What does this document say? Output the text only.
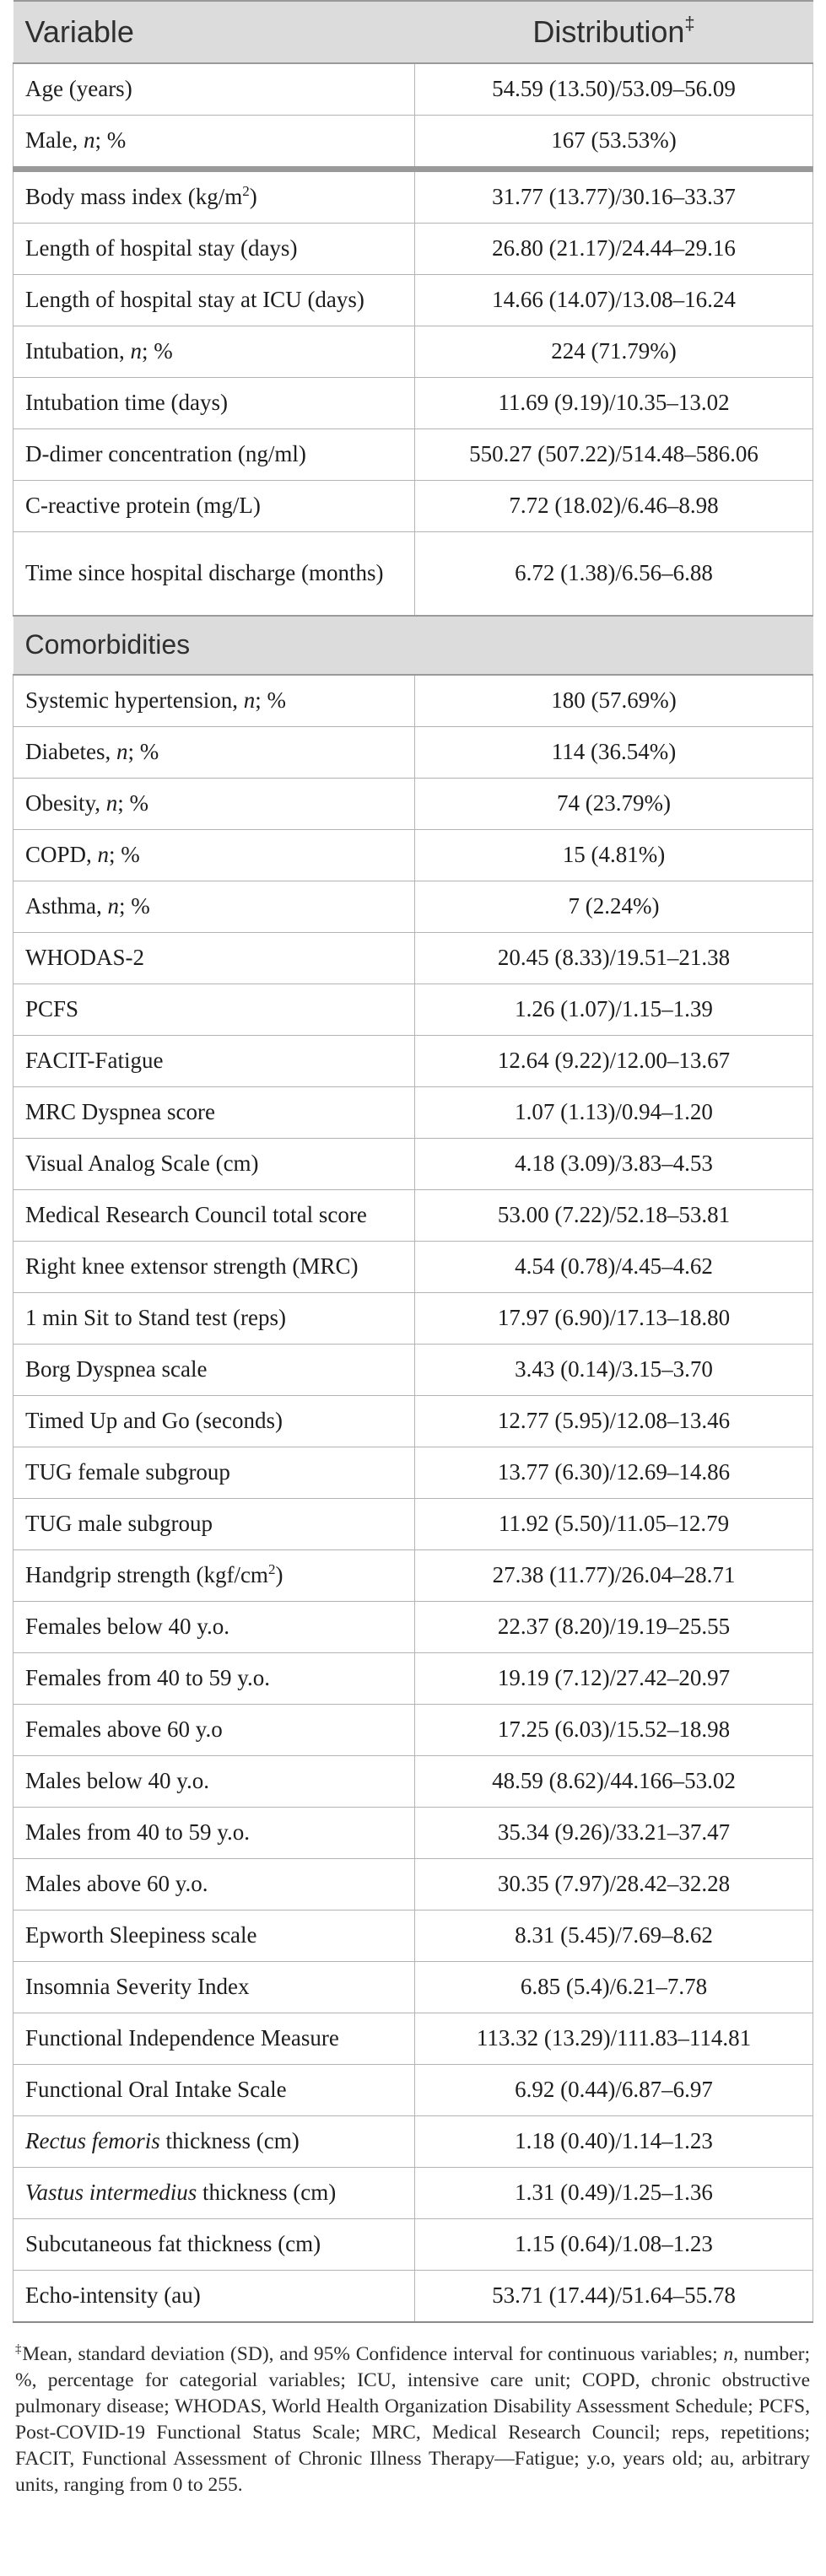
Variable	Distribution‡
Age (years)	54.59 (13.50)/53.09–56.09
Male, n; %	167 (53.53%)
Body mass index $(kg/m^2)$	31.77 (13.77)/30.16–33.37
Length of hospital stay (days)	26.80 (21.17)/24.44–29.16
Length of hospital stay at ICU (days)	14.66 (14.07)/13.08–16.24
Intubation, n; %	224 (71.79%)
Intubation time (days)	11.69 (9.19)/10.35–13.02
D-dimer concentration (ng/ml)	550.27 (507.22)/514.48–586.06
C-reactive protein (mg/L)	7.72 (18.02)/6.46–8.98
Time since hospital discharge (months)	6.72 (1.38)/6.56–6.88
Comorbidities	
Systemic hypertension, n; %	180 (57.69%)
Diabetes, n; %	114 (36.54%)
Obesity, n; %	74 (23.79%)
COPD, n; %	15 (4.81%)
Asthma, n; %	7 (2.24%)
WHODAS-2	20.45 (8.33)/19.51–21.38
PCFS	1.26 (1.07)/1.15–1.39
FACIT-Fatigue	12.64 (9.22)/12.00–13.67
MRC Dyspnea score	1.07 (1.13)/0.94–1.20
Visual Analog Scale (cm)	4.18 (3.09)/3.83–4.53
Medical Research Council total score	53.00 (7.22)/52.18–53.81
Right knee extensor strength (MRC)	4.54 (0.78)/4.45–4.62
1 min Sit to Stand test (reps)	17.97 (6.90)/17.13–18.80
Borg Dyspnea scale	3.43 (0.14)/3.15–3.70
Timed Up and Go (seconds)	12.77 (5.95)/12.08–13.46
TUG female subgroup	13.77 (6.30)/12.69–14.86
TUG male subgroup	11.92 (5.50)/11.05–12.79
Handgrip strength $(kgf/cm^2)$	27.38 (11.77)/26.04–28.71
Females below 40 y.o.	22.37 (8.20)/19.19–25.55
Females from 40 to 59 y.o.	19.19 (7.12)/27.42–20.97
Females above 60 y.o	17.25 (6.03)/15.52–18.98
Males below 40 y.o.	48.59 (8.62)/44.166–53.02
Males from 40 to 59 y.o.	35.34 (9.26)/33.21–37.47
Males above 60 y.o.	30.35 (7.97)/28.42–32.28
Epworth Sleepiness scale	8.31 (5.45)/7.69–8.62
Insomnia Severity Index	6.85 (5.4)/6.21–7.78
Functional Independence Measure	113.32 (13.29)/111.83–114.81
Functional Oral Intake Scale	6.92 (0.44)/6.87–6.97
Rectus femoris thickness (cm)	1.18 (0.40)/1.14–1.23
Vastus intermedius thickness (cm)	1.31 (0.49)/1.25–1.36
Subcutaneous fat thickness (cm)	1.15 (0.64)/1.08–1.23
Echo-intensity (au)	53.71 (17.44)/51.64–55.78

‡Mean, standard deviation (SD), and 95% Confidence interval for continuous variables; n, number; %, percentage for categorial variables; ICU, intensive care unit; COPD, chronic obstructive pulmonary disease; WHODAS, World Health Organization Disability Assessment Schedule; PCFS, Post-COVID-19 Functional Status Scale; MRC, Medical Research Council; reps, repetitions; FACIT, Functional Assessment of Chronic Illness Therapy—Fatigue; y.o, years old; au, arbitrary units, ranging from 0 to 255.
